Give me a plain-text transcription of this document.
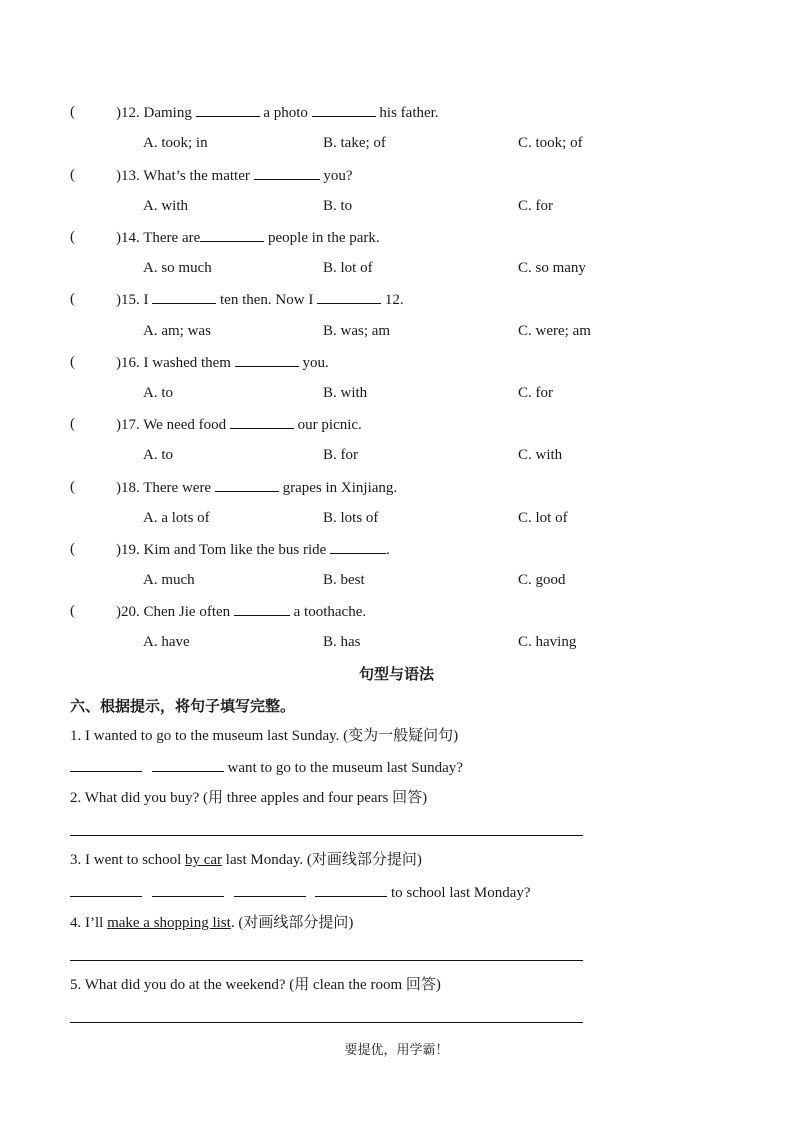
(	)12. Daming	a photo	his father.
A. took; in	B. take; of	C. took; of
(	)13. What’s the matter	you?
A. with	B. to	C. for
(	)14. There are	people in the park.
A. so much	B. lot of	C. so many
(	)15. I	ten then. Now I	12.
A. am; was	B. was; am	C. were; am
(	)16. I washed them	you.
A. to	B. with	C. for
(	)17. We need food	our picnic.
A. to	B. for	C. with
(	)18. There were	grapes in Xinjiang.
A. a lots of	B. lots of	C. lot of
(	)19. Kim and Tom like the bus ride	.
A. much	B. best	C. good
(	)20. Chen Jie often	a toothache.
A. have	B. has	C. having
句型与语法
六、根据提示，将句子填写完整。
1. I wanted to go to the museum last Sunday. (变为一般疑问句)
want to go to the museum last Sunday?
2. What did you buy? (用 three apples and four pears 回答)
3. I went to school by car last Monday. (对画线部分提问)
to school last Monday?
4. I’ll make a shopping list. (对画线部分提问)
5. What did you do at the weekend? (用 clean the room 回答)
要提优，用学霸！
